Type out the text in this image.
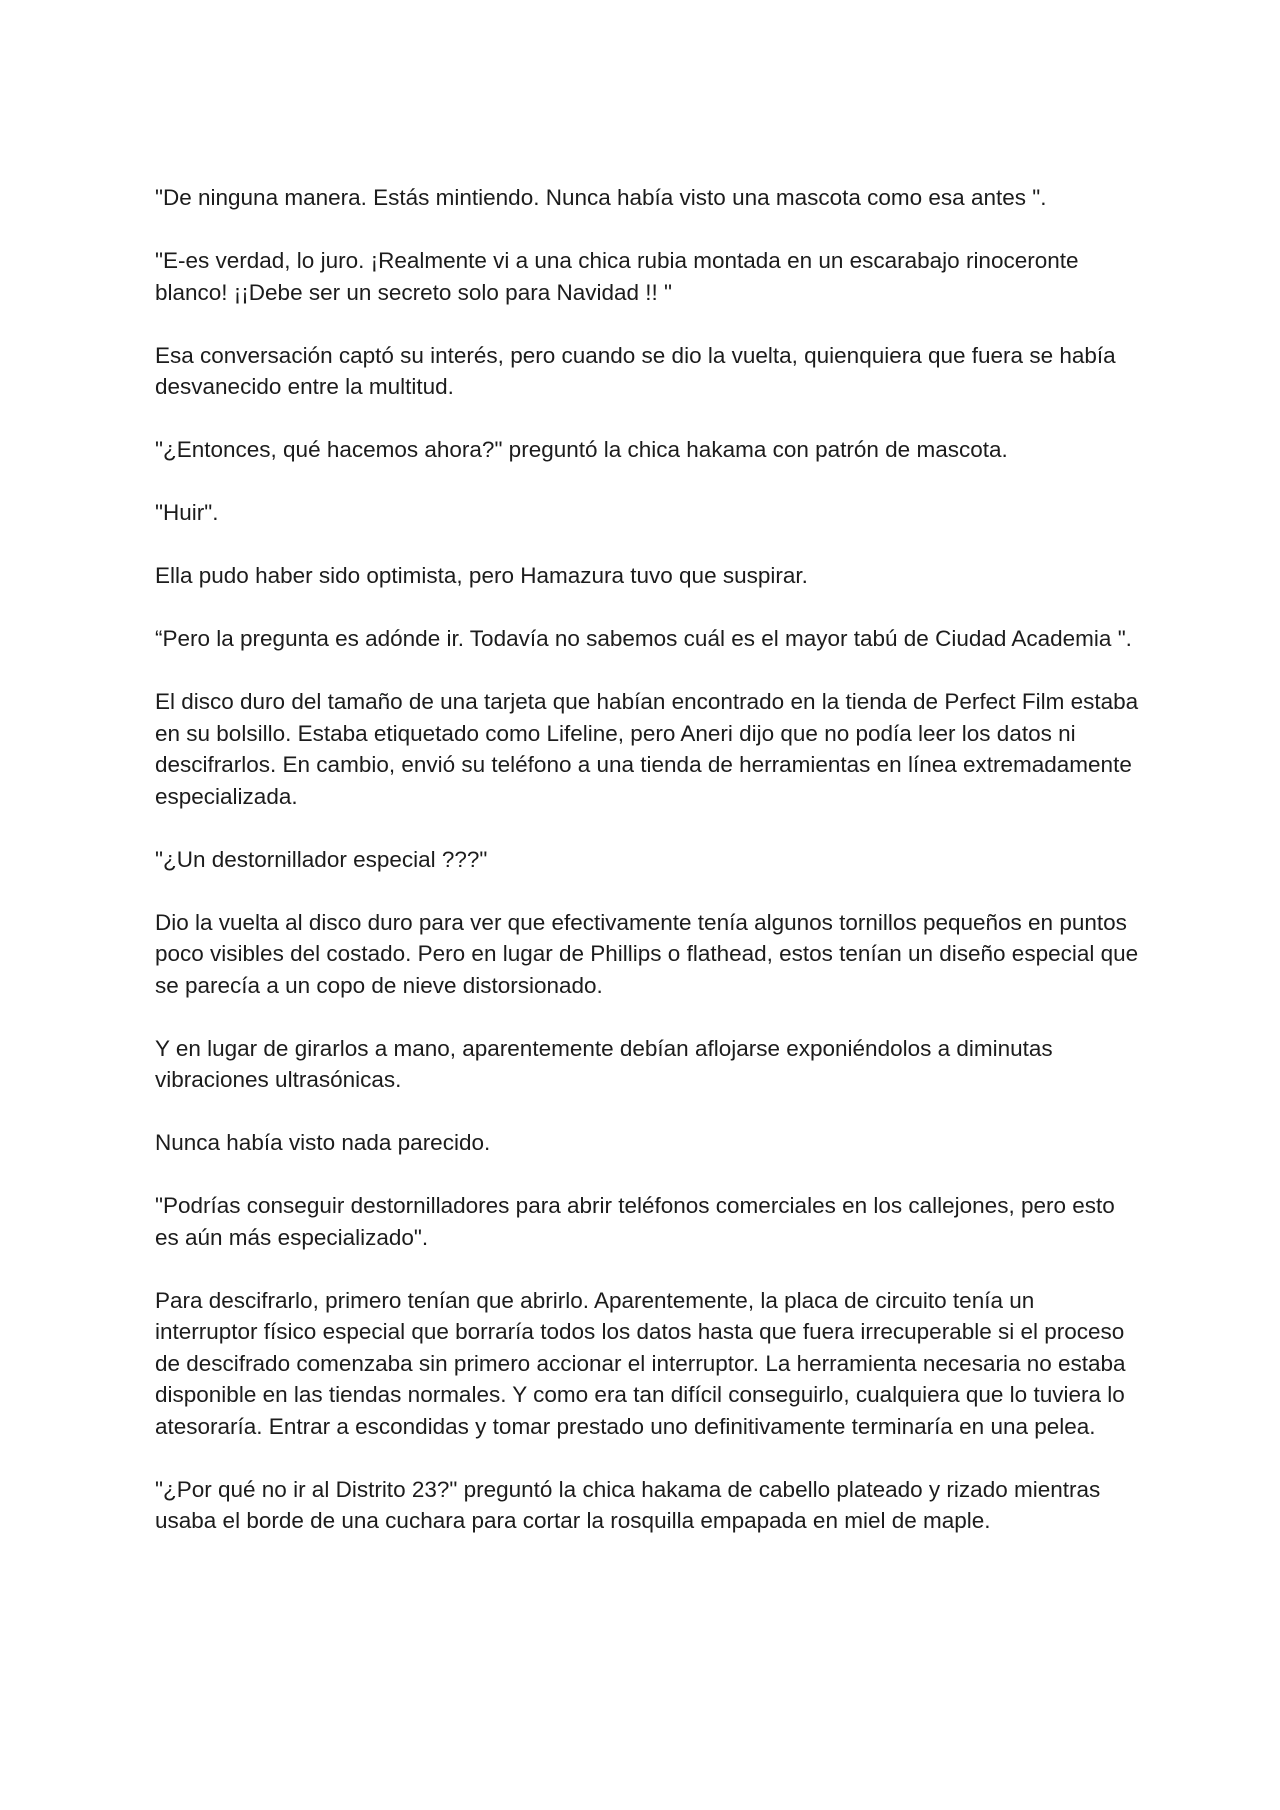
"De ninguna manera. Estás mintiendo. Nunca había visto una mascota como esa antes ".

"E-es verdad, lo juro. ¡Realmente vi a una chica rubia montada en un escarabajo rinoceronte blanco! ¡¡Debe ser un secreto solo para Navidad !! "

Esa conversación captó su interés, pero cuando se dio la vuelta, quienquiera que fuera se había desvanecido entre la multitud.

"¿Entonces, qué hacemos ahora?" preguntó la chica hakama con patrón de mascota.

"Huir".

Ella pudo haber sido optimista, pero Hamazura tuvo que suspirar.

“Pero la pregunta es adónde ir. Todavía no sabemos cuál es el mayor tabú de Ciudad Academia ".

El disco duro del tamaño de una tarjeta que habían encontrado en la tienda de Perfect Film estaba en su bolsillo. Estaba etiquetado como Lifeline, pero Aneri dijo que no podía leer los datos ni descifrarlos. En cambio, envió su teléfono a una tienda de herramientas en línea extremadamente especializada.

"¿Un destornillador especial ???"

Dio la vuelta al disco duro para ver que efectivamente tenía algunos tornillos pequeños en puntos poco visibles del costado. Pero en lugar de Phillips o flathead, estos tenían un diseño especial que se parecía a un copo de nieve distorsionado.

Y en lugar de girarlos a mano, aparentemente debían aflojarse exponiéndolos a diminutas vibraciones ultrasónicas.

Nunca había visto nada parecido.

"Podrías conseguir destornilladores para abrir teléfonos comerciales en los callejones, pero esto es aún más especializado".

Para descifrarlo, primero tenían que abrirlo. Aparentemente, la placa de circuito tenía un interruptor físico especial que borraría todos los datos hasta que fuera irrecuperable si el proceso de descifrado comenzaba sin primero accionar el interruptor. La herramienta necesaria no estaba disponible en las tiendas normales. Y como era tan difícil conseguirlo, cualquiera que lo tuviera lo atesoraría. Entrar a escondidas y tomar prestado uno definitivamente terminaría en una pelea.

"¿Por qué no ir al Distrito 23?" preguntó la chica hakama de cabello plateado y rizado mientras usaba el borde de una cuchara para cortar la rosquilla empapada en miel de maple.
